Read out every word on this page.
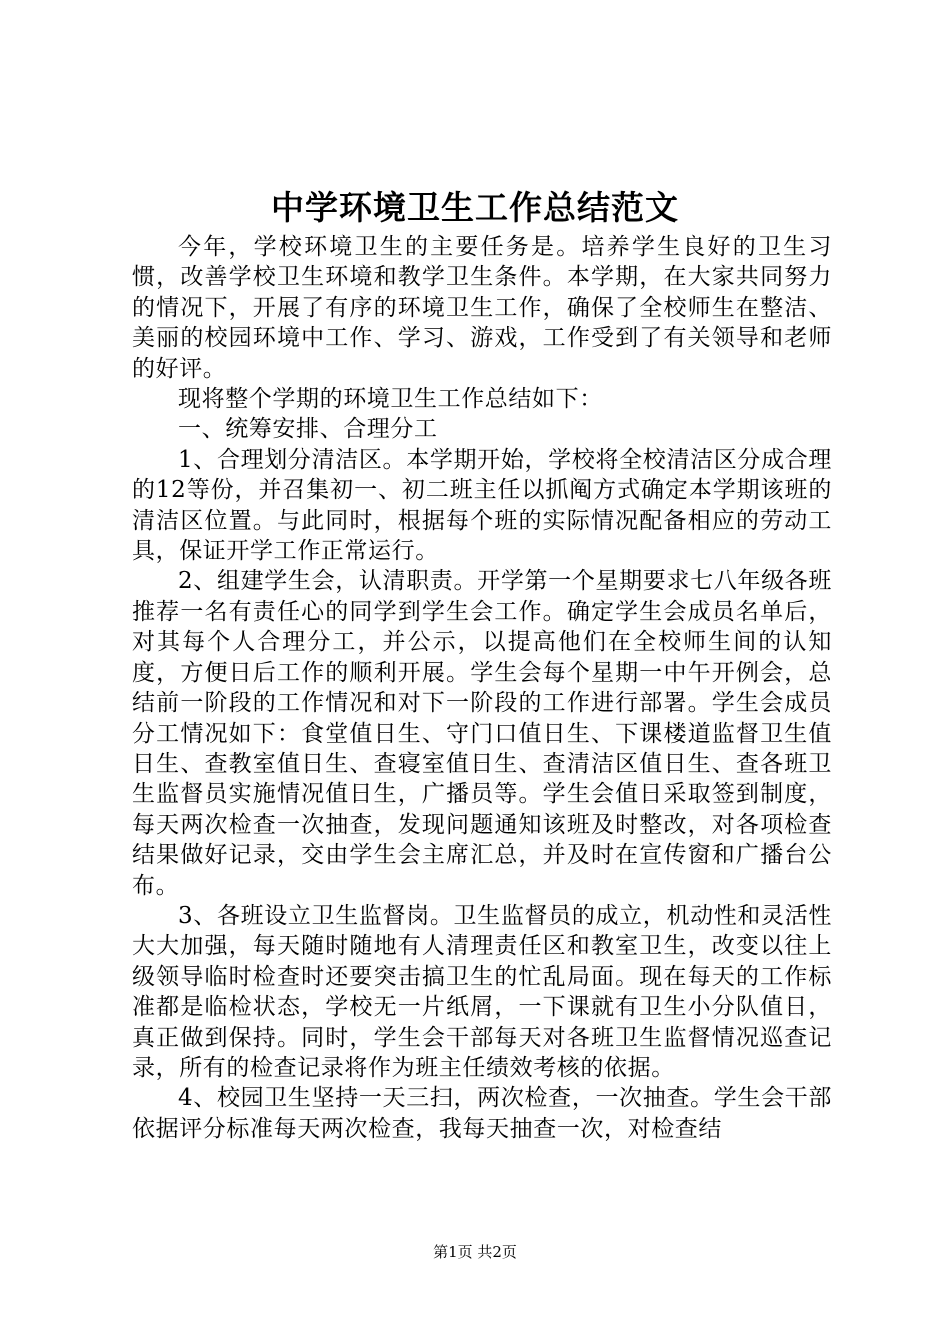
中学环境卫生工作总结范文

今年，学校环境卫生的主要任务是。培养学生良好的卫生习惯，改善学校卫生环境和教学卫生条件。本学期，在大家共同努力的情况下，开展了有序的环境卫生工作，确保了全校师生在整洁、美丽的校园环境中工作、学习、游戏，工作受到了有关领导和老师的好评。

现将整个学期的环境卫生工作总结如下：

一、统筹安排、合理分工

1、合理划分清洁区。本学期开始，学校将全校清洁区分成合理的12等份，并召集初一、初二班主任以抓阄方式确定本学期该班的清洁区位置。与此同时，根据每个班的实际情况配备相应的劳动工具，保证开学工作正常运行。

2、组建学生会，认清职责。开学第一个星期要求七八年级各班推荐一名有责任心的同学到学生会工作。确定学生会成员名单后，对其每个人合理分工，并公示，以提高他们在全校师生间的认知度，方便日后工作的顺利开展。学生会每个星期一中午开例会，总结前一阶段的工作情况和对下一阶段的工作进行部署。学生会成员分工情况如下：食堂值日生、守门口值日生、下课楼道监督卫生值日生、查教室值日生、查寝室值日生、查清洁区值日生、查各班卫生监督员实施情况值日生，广播员等。学生会值日采取签到制度，每天两次检查一次抽查，发现问题通知该班及时整改，对各项检查结果做好记录，交由学生会主席汇总，并及时在宣传窗和广播台公布。

3、各班设立卫生监督岗。卫生监督员的成立，机动性和灵活性大大加强，每天随时随地有人清理责任区和教室卫生，改变以往上级领导临时检查时还要突击搞卫生的忙乱局面。现在每天的工作标准都是临检状态，学校无一片纸屑，一下课就有卫生小分队值日，真正做到保持。同时，学生会干部每天对各班卫生监督情况巡查记录，所有的检查记录将作为班主任绩效考核的依据。

4、校园卫生坚持一天三扫，两次检查，一次抽查。学生会干部依据评分标准每天两次检查，我每天抽查一次，对检查结

第1页 共2页
